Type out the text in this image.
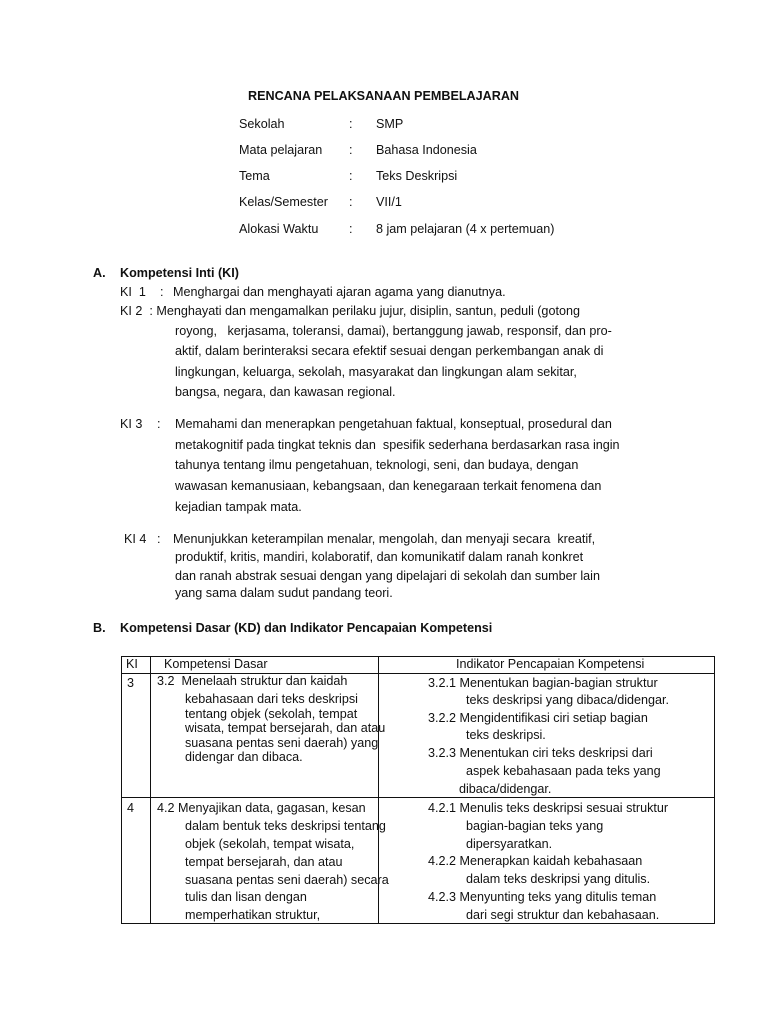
RENCANA PELAKSANAAN PEMBELAJARAN
Sekolah	: SMP
Mata pelajaran : Bahasa Indonesia
Tema	: Teks Deskripsi
Kelas/Semester : VII/1
Alokasi Waktu : 8 jam pelajaran (4 x pertemuan)
A. Kompetensi Inti (KI)
KI  1 : Menghargai dan menghayati ajaran agama yang dianutnya.
KI 2  : Menghayati dan mengamalkan perilaku jujur, disiplin, santun, peduli (gotong
royong,   kerjasama, toleransi, damai), bertanggung jawab, responsif, dan pro-
aktif, dalam berinteraksi secara efektif sesuai dengan perkembangan anak di
lingkungan, keluarga, sekolah, masyarakat dan lingkungan alam sekitar,
bangsa, negara, dan kawasan regional.
KI 3 : Memahami dan menerapkan pengetahuan faktual, konseptual, prosedural dan
metakognitif pada tingkat teknis dan  spesifik sederhana berdasarkan rasa ingin
tahunya tentang ilmu pengetahuan, teknologi, seni, dan budaya, dengan
wawasan kemanusiaan, kebangsaan, dan kenegaraan terkait fenomena dan
kejadian tampak mata.
KI 4 : Menunjukkan keterampilan menalar, mengolah, dan menyaji secara  kreatif,
produktif, kritis, mandiri, kolaboratif, dan komunikatif dalam ranah konkret
dan ranah abstrak sesuai dengan yang dipelajari di sekolah dan sumber lain
yang sama dalam sudut pandang teori.
B. Kompetensi Dasar (KD) dan Indikator Pencapaian Kompetensi
KI Kompetensi Dasar	Indikator Pencapaian Kompetensi
3 3.2  Menelaah struktur dan kaidah
kebahasaan dari teks deskripsi
tentang objek (sekolah, tempat
wisata, tempat bersejarah, dan atau
suasana pentas seni daerah) yang
didengar dan dibaca.
3.2.1 Menentukan bagian-bagian struktur
teks deskripsi yang dibaca/didengar.
3.2.2 Mengidentifikasi ciri setiap bagian
teks deskripsi.
3.2.3 Menentukan ciri teks deskripsi dari
aspek kebahasaan pada teks yang
dibaca/didengar.
4 4.2 Menyajikan data, gagasan, kesan
dalam bentuk teks deskripsi tentang
objek (sekolah, tempat wisata,
tempat bersejarah, dan atau
suasana pentas seni daerah) secara
tulis dan lisan dengan
memperhatikan struktur,
4.2.1 Menulis teks deskripsi sesuai struktur
bagian-bagian teks yang
dipersyaratkan.
4.2.2 Menerapkan kaidah kebahasaan
dalam teks deskripsi yang ditulis.
4.2.3 Menyunting teks yang ditulis teman
dari segi struktur dan kebahasaan.
